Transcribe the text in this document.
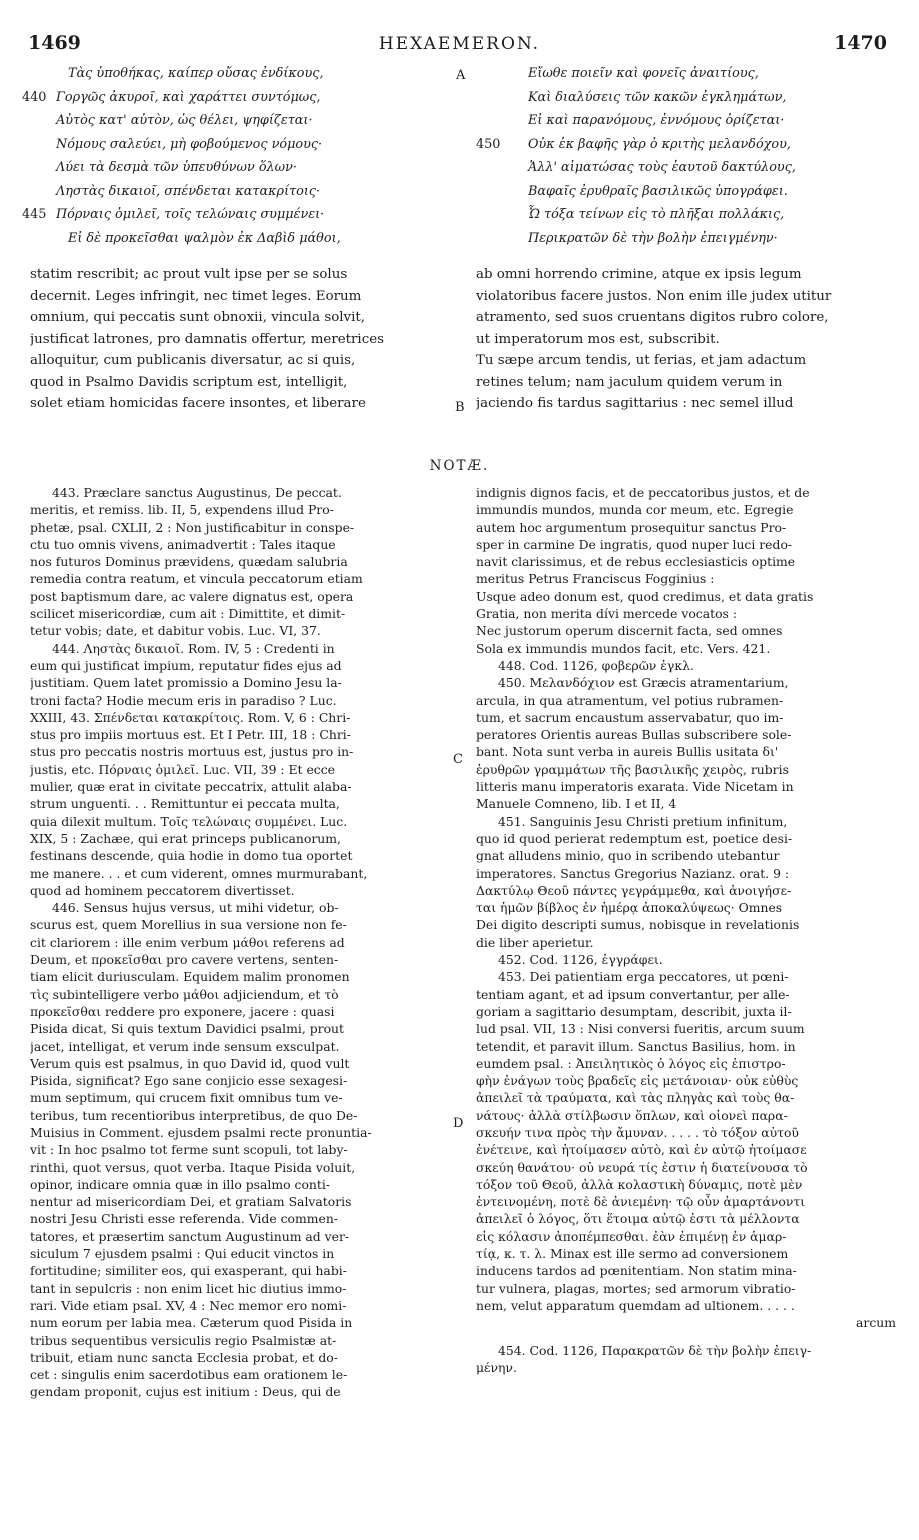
1469	HEXAEMERON.	1470
Τὰς ὑποθήκας, καίπερ οὔσας ἐνδίκους,
440 Γοργῶς ἀκυροῖ, καὶ χαράττει συντόμως,
Αὐτὸς κατ' αὐτὸν, ὡς θέλει, ψηφίζεται·
Νόμους σαλεύει, μὴ φοβούμενος νόμους·
Λύει τὰ δεσμὰ τῶν ὑπευθύνων ὅλων·
Ληστὰς δικαιοῖ, σπένδεται κατακρίτοις·
445 Πόρναις ὁμιλεῖ, τοῖς τελώναις συμμένει·
Εἰ δὲ προκεῖσθαι ψαλμὸν ἐκ Δαβὶδ μάθοι,
Εἴωθε ποιεῖν καὶ φονεῖς ἀναιτίους,
Καὶ διαλύσεις τῶν κακῶν ἐγκλημάτων,
Εἰ καὶ παρανόμους, ἐννόμους ὁρίζεται·
450 Οὐκ ἐκ βαφῆς γὰρ ὁ κριτὴς μελανδόχου,
Ἀλλ' αἱματώσας τοὺς ἑαυτοῦ δακτύλους,
Βαφαῖς ἐρυθραῖς βασιλικῶς ὑπογράφει.
Ὦ τόξα τείνων εἰς τὸ πλῆξαι πολλάκις,
Περικρατῶν δὲ τὴν βολὴν ἐπειγμένην·
A
B
C
D
statim rescribit; ac prout vult ipse per se solus
decernit. Leges infringit, nec timet leges. Eorum
omnium, qui peccatis sunt obnoxii, vincula solvit,
justificat latrones, pro damnatis offertur, meretrices
alloquitur, cum publicanis diversatur, ac si quis,
quod in Psalmo Davidis scriptum est, intelligit,
solet etiam homicidas facere insontes, et liberare
ab omni horrendo crimine, atque ex ipsis legum
violatoribus facere justos. Non enim ille judex utitur
atramento, sed suos cruentans digitos rubro colore,
ut imperatorum mos est, subscribit.
Tu sæpe arcum tendis, ut ferias, et jam adactum
retines telum; nam jaculum quidem verum in
jaciendo fis tardus sagittarius : nec semel illud
NOTÆ.
443. Præclare sanctus Augustinus, De peccat.
meritis, et remiss. lib. II, 5, expendens illud Pro-
phetæ, psal. CXLII, 2 : Non justificabitur in conspe-
ctu tuo omnis vivens, animadvertit : Tales itaque
nos futuros Dominus prævidens, quædam salubria
remedia contra reatum, et vincula peccatorum etiam
post baptismum dare, ac valere dignatus est, opera
scilicet misericordiæ, cum ait : Dimittite, et dimit-
tetur vobis; date, et dabitur vobis. Luc. VI, 37.
444. Ληστὰς δικαιοῖ. Rom. IV, 5 : Credenti in
eum qui justificat impium, reputatur fides ejus ad
justitiam. Quem latet promissio a Domino Jesu la-
troni facta? Hodie mecum eris in paradiso ? Luc.
XXIII, 43. Σπένδεται κατακρίτοις. Rom. V, 6 : Chri-
stus pro impiis mortuus est. Et I Petr. III, 18 : Chri-
stus pro peccatis nostris mortuus est, justus pro in-
justis, etc. Πόρναις ὁμιλεῖ. Luc. VII, 39 : Et ecce
mulier, quæ erat in civitate peccatrix, attulit alaba-
strum unguenti. . . Remittuntur ei peccata multa,
quia dilexit multum. Τοῖς τελώναις συμμένει. Luc.
XIX, 5 : Zachæe, qui erat princeps publicanorum,
festinans descende, quia hodie in domo tua oportet
me manere. . . et cum viderent, omnes murmurabant,
quod ad hominem peccatorem divertisset.
446. Sensus hujus versus, ut mihi videtur, ob-
scurus est, quem Morellius in sua versione non fe-
cit clariorem : ille enim verbum μάθοι referens ad
Deum, et προκεῖσθαι pro cavere vertens, senten-
tiam elicit duriusculam. Equidem malim pronomen
τὶς subintelligere verbo μάθοι adjiciendum, et τὸ
προκεῖσθαι reddere pro exponere, jacere : quasi
Pisida dicat, Si quis textum Davidici psalmi, prout
jacet, intelligat, et verum inde sensum exsculpat.
Verum quis est psalmus, in quo David id, quod vult
Pisida, significat? Ego sane conjicio esse sexagesi-
mum septimum, qui crucem fixit omnibus tum ve-
teribus, tum recentioribus interpretibus, de quo De-
Muisius in Comment. ejusdem psalmi recte pronuntia-
vit : In hoc psalmo tot ferme sunt scopuli, tot laby-
rinthi, quot versus, quot verba. Itaque Pisida voluit,
opinor, indicare omnia quæ in illo psalmo conti-
nentur ad misericordiam Dei, et gratiam Salvatoris
nostri Jesu Christi esse referenda. Vide commen-
tatores, et præsertim sanctum Augustinum ad ver-
siculum 7 ejusdem psalmi : Qui educit vinctos in
fortitudine; similiter eos, qui exasperant, qui habi-
tant in sepulcris : non enim licet hic diutius immo-
rari. Vide etiam psal. XV, 4 : Nec memor ero nomi-
num eorum per labia mea. Cæterum quod Pisida in
tribus sequentibus versiculis regio Psalmistæ at-
tribuit, etiam nunc sancta Ecclesia probat, et do-
cet : singulis enim sacerdotibus eam orationem le-
gendam proponit, cujus est initium : Deus, qui de
indignis dignos facis, et de peccatoribus justos, et de
immundis mundos, munda cor meum, etc. Egregie
autem hoc argumentum prosequitur sanctus Pro-
sper in carmine De ingratis, quod nuper luci redo-
navit clarissimus, et de rebus ecclesiasticis optime
meritus Petrus Franciscus Fogginius :
Usque adeo donum est, quod credimus, et data gratis
Gratia, non merita dívi mercede vocatos :
Nec justorum operum discernit facta, sed omnes
Sola ex immundis mundos facit, etc. Vers. 421.
448. Cod. 1126, φοβερῶν ἐγκλ.
450. Μελανδόχιον est Græcis atramentarium,
arcula, in qua atramentum, vel potius rubramen-
tum, et sacrum encaustum asservabatur, quo im-
peratores Orientis aureas Bullas subscribere sole-
bant. Nota sunt verba in aureis Bullis usitata δι'
ἐρυθρῶν γραμμάτων τῆς βασιλικῆς χειρὸς, rubris
litteris manu imperatoris exarata. Vide Nicetam in
Manuele Comneno, lib. I et II, 4
451. Sanguinis Jesu Christi pretium infinitum,
quo id quod perierat redemptum est, poetice desi-
gnat alludens minio, quo in scribendo utebantur
imperatores. Sanctus Gregorius Nazianz. orat. 9 :
Δακτύλῳ Θεοῦ πάντες γεγράμμεθα, καὶ ἀνοιγήσε-
ται ἡμῶν βίβλος ἐν ἡμέρᾳ ἀποκαλύψεως· Omnes
Dei digito descripti sumus, nobisque in revelationis
die liber aperietur.
452. Cod. 1126, ἐγγράφει.
453. Dei patientiam erga peccatores, ut pœni-
tentiam agant, et ad ipsum convertantur, per alle-
goriam a sagittario desumptam, describit, juxta il-
lud psal. VII, 13 : Nisi conversi fueritis, arcum suum
tetendit, et paravit illum. Sanctus Basilius, hom. in
eumdem psal. : Ἀπειλητικὸς ὁ λόγος εἰς ἐπιστρο-
φὴν ἐνάγων τοὺς βραδεῖς εἰς μετάνοιαν· οὐκ εὐθὺς
ἀπειλεῖ τὰ τραύματα, καὶ τὰς πληγὰς καὶ τοὺς θα-
νάτους· ἀλλὰ στίλβωσιν ὅπλων, καὶ οἱονεὶ παρα-
σκευήν τινα πρὸς τὴν ἄμυναν. . . . . τὸ τόξον αὐτοῦ
ἐνέτεινε, καὶ ἡτοίμασεν αὐτὸ, καὶ ἐν αὐτῷ ἡτοίμασε
σκεύη θανάτου· οὐ νευρά τίς ἐστιν ἡ διατείνουσα τὸ
τόξον τοῦ Θεοῦ, ἀλλὰ κολαστικὴ δύναμις, ποτὲ μὲν
ἐντεινομένη, ποτὲ δὲ ἀνιεμένη· τῷ οὖν ἁμαρτάνοντι
ἀπειλεῖ ὁ λόγος, ὅτι ἕτοιμα αὐτῷ ἐστι τὰ μέλλοντα
εἰς κόλασιν ἀποπέμπεσθαι. ἐὰν ἐπιμένῃ ἐν ἁμαρ-
τίᾳ, κ. τ. λ. Minax est ille sermo ad conversionem
inducens tardos ad pœnitentiam. Non statim mina-
tur vulnera, plagas, mortes; sed armorum vibratio-
nem, velut apparatum quemdam ad ultionem. . . . .
arcum
454. Cod. 1126, Παρακρατῶν δὲ τὴν βολὴν ἐπειγ-
μένην.
